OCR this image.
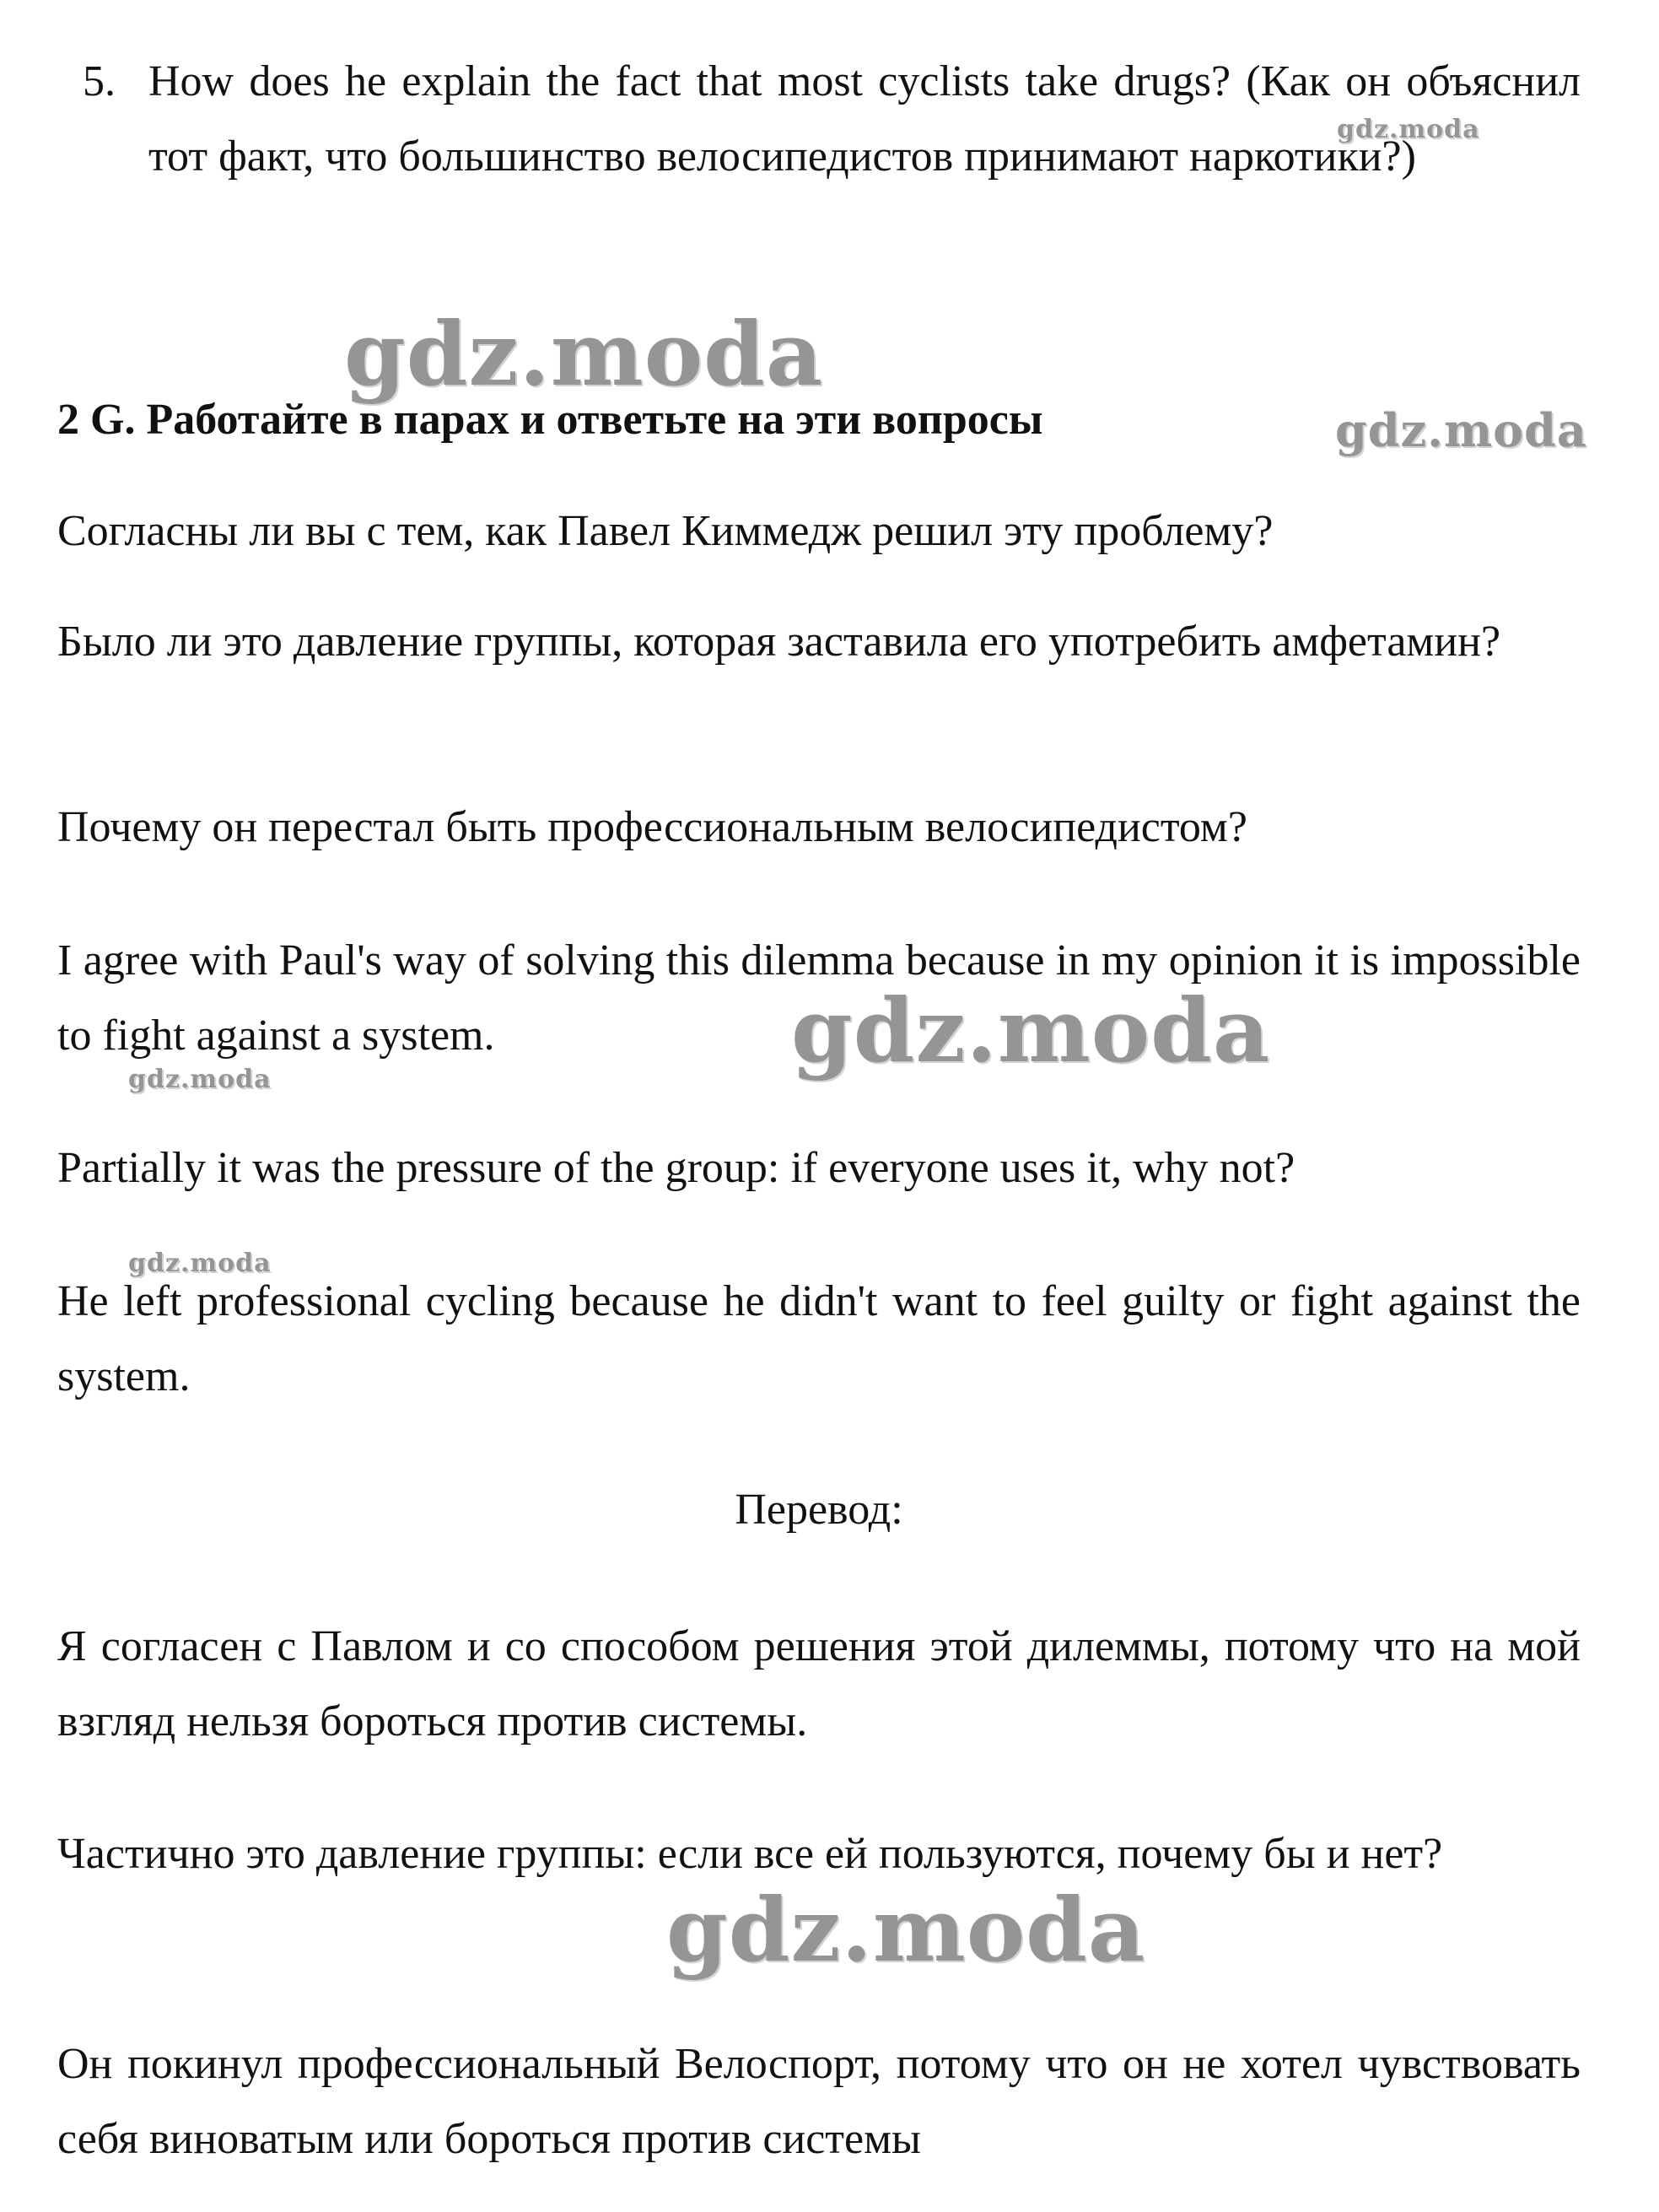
5. How does he explain the fact that most cyclists take drugs? (Как он объяснил тот факт, что большинство велосипедистов принимают наркотики?)

2 G. Работайте в парах и ответьте на эти вопросы

Согласны ли вы с тем, как Павел Киммедж решил эту проблему?

Было ли это давление группы, которая заставила его употребить амфетамин?

Почему он перестал быть профессиональным велосипедистом?

I agree with Paul's way of solving this dilemma because in my opinion it is impossible to fight against a system.

Partially it was the pressure of the group: if everyone uses it, why not?

He left professional cycling because he didn't want to feel guilty or fight against the system.

Перевод:

Я согласен с Павлом и со способом решения этой дилеммы, потому что на мой взгляд нельзя бороться против системы.

Частично это давление группы: если все ей пользуются, почему бы и нет?

Он покинул профессиональный Велоспорт, потому что он не хотел чувствовать себя виноватым или бороться против системы

gdz.moda
gdz.moda
gdz.moda
gdz.moda
gdz.moda
gdz.moda
gdz.moda
